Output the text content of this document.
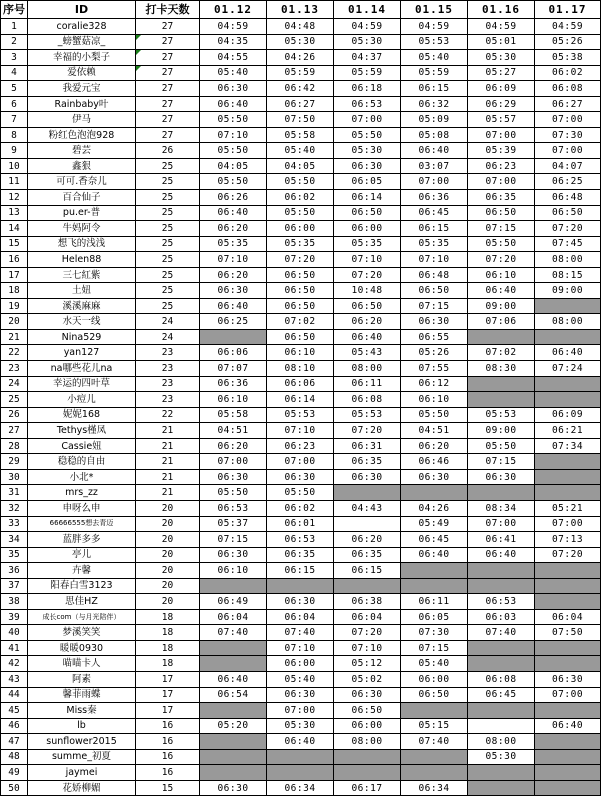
序号	ID	打卡天数	01.12	01.13	01.14	01.15	01.16	01.17
1	coralie328	27	04:59	04:48	04:59	04:59	04:59	04:59
2	_螃蟹菇凉_	27	04:35	05:30	05:30	05:53	05:01	05:26
3	幸福的小梨子	27	04:55	04:26	04:37	05:40	05:30	05:38
4	爱依赖	27	05:40	05:59	05:59	05:59	05:27	06:02
5	我爱元宝	27	06:30	06:42	06:18	06:15	06:09	06:08
6	Rainbaby叶	27	06:40	06:27	06:53	06:32	06:29	06:27
7	伊马	27	05:50	07:50	07:00	05:09	05:57	07:00
8	粉红色泡泡928	27	07:10	05:58	05:50	05:08	07:00	07:30
9	碧芸	26	05:50	05:40	05:30	06:40	05:39	07:00
10	鑫狠	25	04:05	04:05	06:30	03:07	06:23	04:07
11	可可.香奈儿	25	05:50	05:50	06:05	07:00	07:00	06:25
12	百合仙子	25	06:26	06:02	06:14	06:36	06:35	06:48
13	pu.er-普	25	06:40	05:50	06:50	06:45	06:50	06:50
14	牛妈阿令	25	06:20	06:00	06:00	06:15	07:15	07:20
15	想飞的浅浅	25	05:35	05:35	05:35	05:35	05:50	07:45
16	Helen88	25	07:10	07:20	07:10	07:10	07:20	08:00
17	三七紅紫	25	06:20	06:50	07:20	06:48	06:10	08:15
18	土妞	25	06:30	06:50	10:48	06:50	06:40	09:00
19	溪溪麻麻	25	06:40	06:50	06:50	07:15	09:00	
20	水天一线	24	06:25	07:02	06:20	06:30	07:06	08:00
21	Nina529	24		06:50	06:40	06:55		
22	yan127	23	06:06	06:10	05:43	05:26	07:02	06:40
23	na哪些花儿na	23	07:07	08:10	08:00	07:55	08:30	07:24
24	幸运的四叶草	23	06:36	06:06	06:11	06:12		
25	小痘儿	23	06:10	06:14	06:08	06:10		
26	妮妮168	22	05:58	05:53	05:53	05:50	05:53	06:09
27	Tethys槿凤	21	04:51	07:10	07:20	04:51	09:00	06:21
28	Cassie妞	21	06:20	06:23	06:31	06:20	05:50	07:34
29	稳稳的自由	21	07:00	07:00	06:35	06:46	07:15	
30	小北*	21	06:30	06:30	06:30	06:30	06:30	
31	mrs_zz	21	05:50	05:50				
32	申呀么申	20	06:53	06:02	04:43	04:26	08:34	05:21
33	66666555想去青迈	20	05:37	06:01		05:49	07:00	07:00
34	蓝胖多多	20	07:15	06:53	06:20	06:45	06:41	07:13
35	亭儿	20	06:30	06:35	06:35	06:40	06:40	07:20
36	卉馨	20	06:10	06:15	06:15			
37	阳春白雪3123	20						
38	思佳HZ	20	06:49	06:30	06:38	06:11	06:53	
39	成长com（与月光陪伴）	18	06:04	06:04	06:04	06:05	06:03	06:04
40	梦溪笑笑	18	07:40	07:40	07:20	07:30	07:40	07:50
41	暖暖0930	18		07:10	07:10	07:15		
42	喵喵卡人	18		06:00	05:12	05:40		
43	阿素	17	06:40	05:40	05:02	06:00	06:08	06:30
44	馨菲雨蝶	17	06:54	06:30	06:30	06:50	06:45	07:00
45	Miss秦	17		07:00	06:50			
46	lb	16	05:20	05:30	06:00	05:15		06:40
47	sunflower2015	16		06:40	08:00	07:40	08:00	
48	summe_初夏	16					05:30	
49	jaymei	16						
50	花娇柳媚	15	06:30	06:34	06:17	06:34		
